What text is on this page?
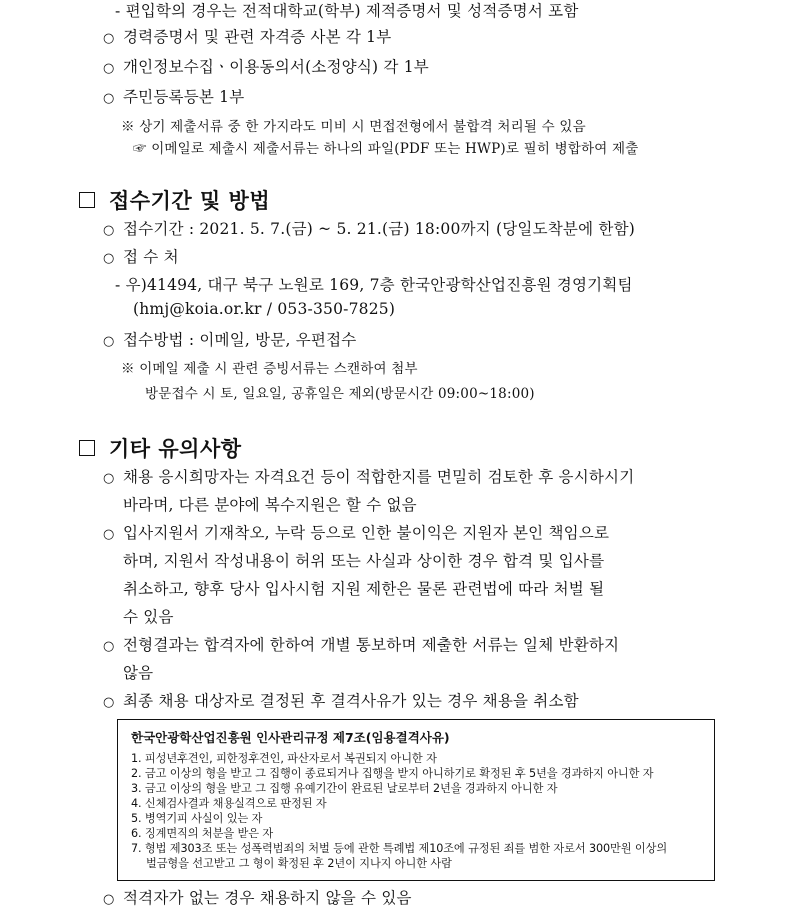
- 편입학의 경우는 전적대학교(학부) 제적증명서 및 성적증명서 포함
○ 경력증명서 및 관련 자격증 사본 각 1부
○ 개인정보수집ㆍ이용동의서(소정양식) 각 1부
○ 주민등록등본 1부
※ 상기 제출서류 중 한 가지라도 미비 시 면접전형에서 불합격 처리될 수 있음
☞ 이메일로 제출시 제출서류는 하나의 파일(PDF 또는 HWP)로 필히 병합하여 제출
접수기간 및 방법
○ 접수기간 : 2021. 5. 7.(금) ~ 5. 21.(금) 18:00까지 (당일도착분에 한함)
○ 접 수 처
- 우)41494, 대구 북구 노원로 169, 7층 한국안광학산업진흥원 경영기획팀
(hmj@koia.or.kr / 053-350-7825)
○ 접수방법 : 이메일, 방문, 우편접수
※ 이메일 제출 시 관련 증빙서류는 스캔하여 첨부
방문접수 시 토, 일요일, 공휴일은 제외(방문시간 09:00~18:00)
기타 유의사항
○ 채용 응시희망자는 자격요건 등이 적합한지를 면밀히 검토한 후 응시하시기
바라며, 다른 분야에 복수지원은 할 수 없음
○ 입사지원서 기재착오, 누락 등으로 인한 불이익은 지원자 본인 책임으로
하며, 지원서 작성내용이 허위 또는 사실과 상이한 경우 합격 및 입사를
취소하고, 향후 당사 입사시험 지원 제한은 물론 관련법에 따라 처벌 될
수 있음
○ 전형결과는 합격자에 한하여 개별 통보하며 제출한 서류는 일체 반환하지
않음
○ 최종 채용 대상자로 결정된 후 결격사유가 있는 경우 채용을 취소함
한국안광학산업진흥원 인사관리규정 제7조(임용결격사유)
1. 피성년후견인, 피한정후견인, 파산자로서 복권되지 아니한 자
2. 금고 이상의 형을 받고 그 집행이 종료되거나 집행을 받지 아니하기로 확정된 후 5년을 경과하지 아니한 자
3. 금고 이상의 형을 받고 그 집행 유예기간이 완료된 날로부터 2년을 경과하지 아니한 자
4. 신체검사결과 채용실격으로 판정된 자
5. 병역기피 사실이 있는 자
6. 징계면직의 처분을 받은 자
7. 형법 제303조 또는 성폭력범죄의 처벌 등에 관한 특례법 제10조에 규정된 죄를 범한 자로서 300만원 이상의
벌금형을 선고받고 그 형이 확정된 후 2년이 지나지 아니한 사람
○ 적격자가 없는 경우 채용하지 않을 수 있음
